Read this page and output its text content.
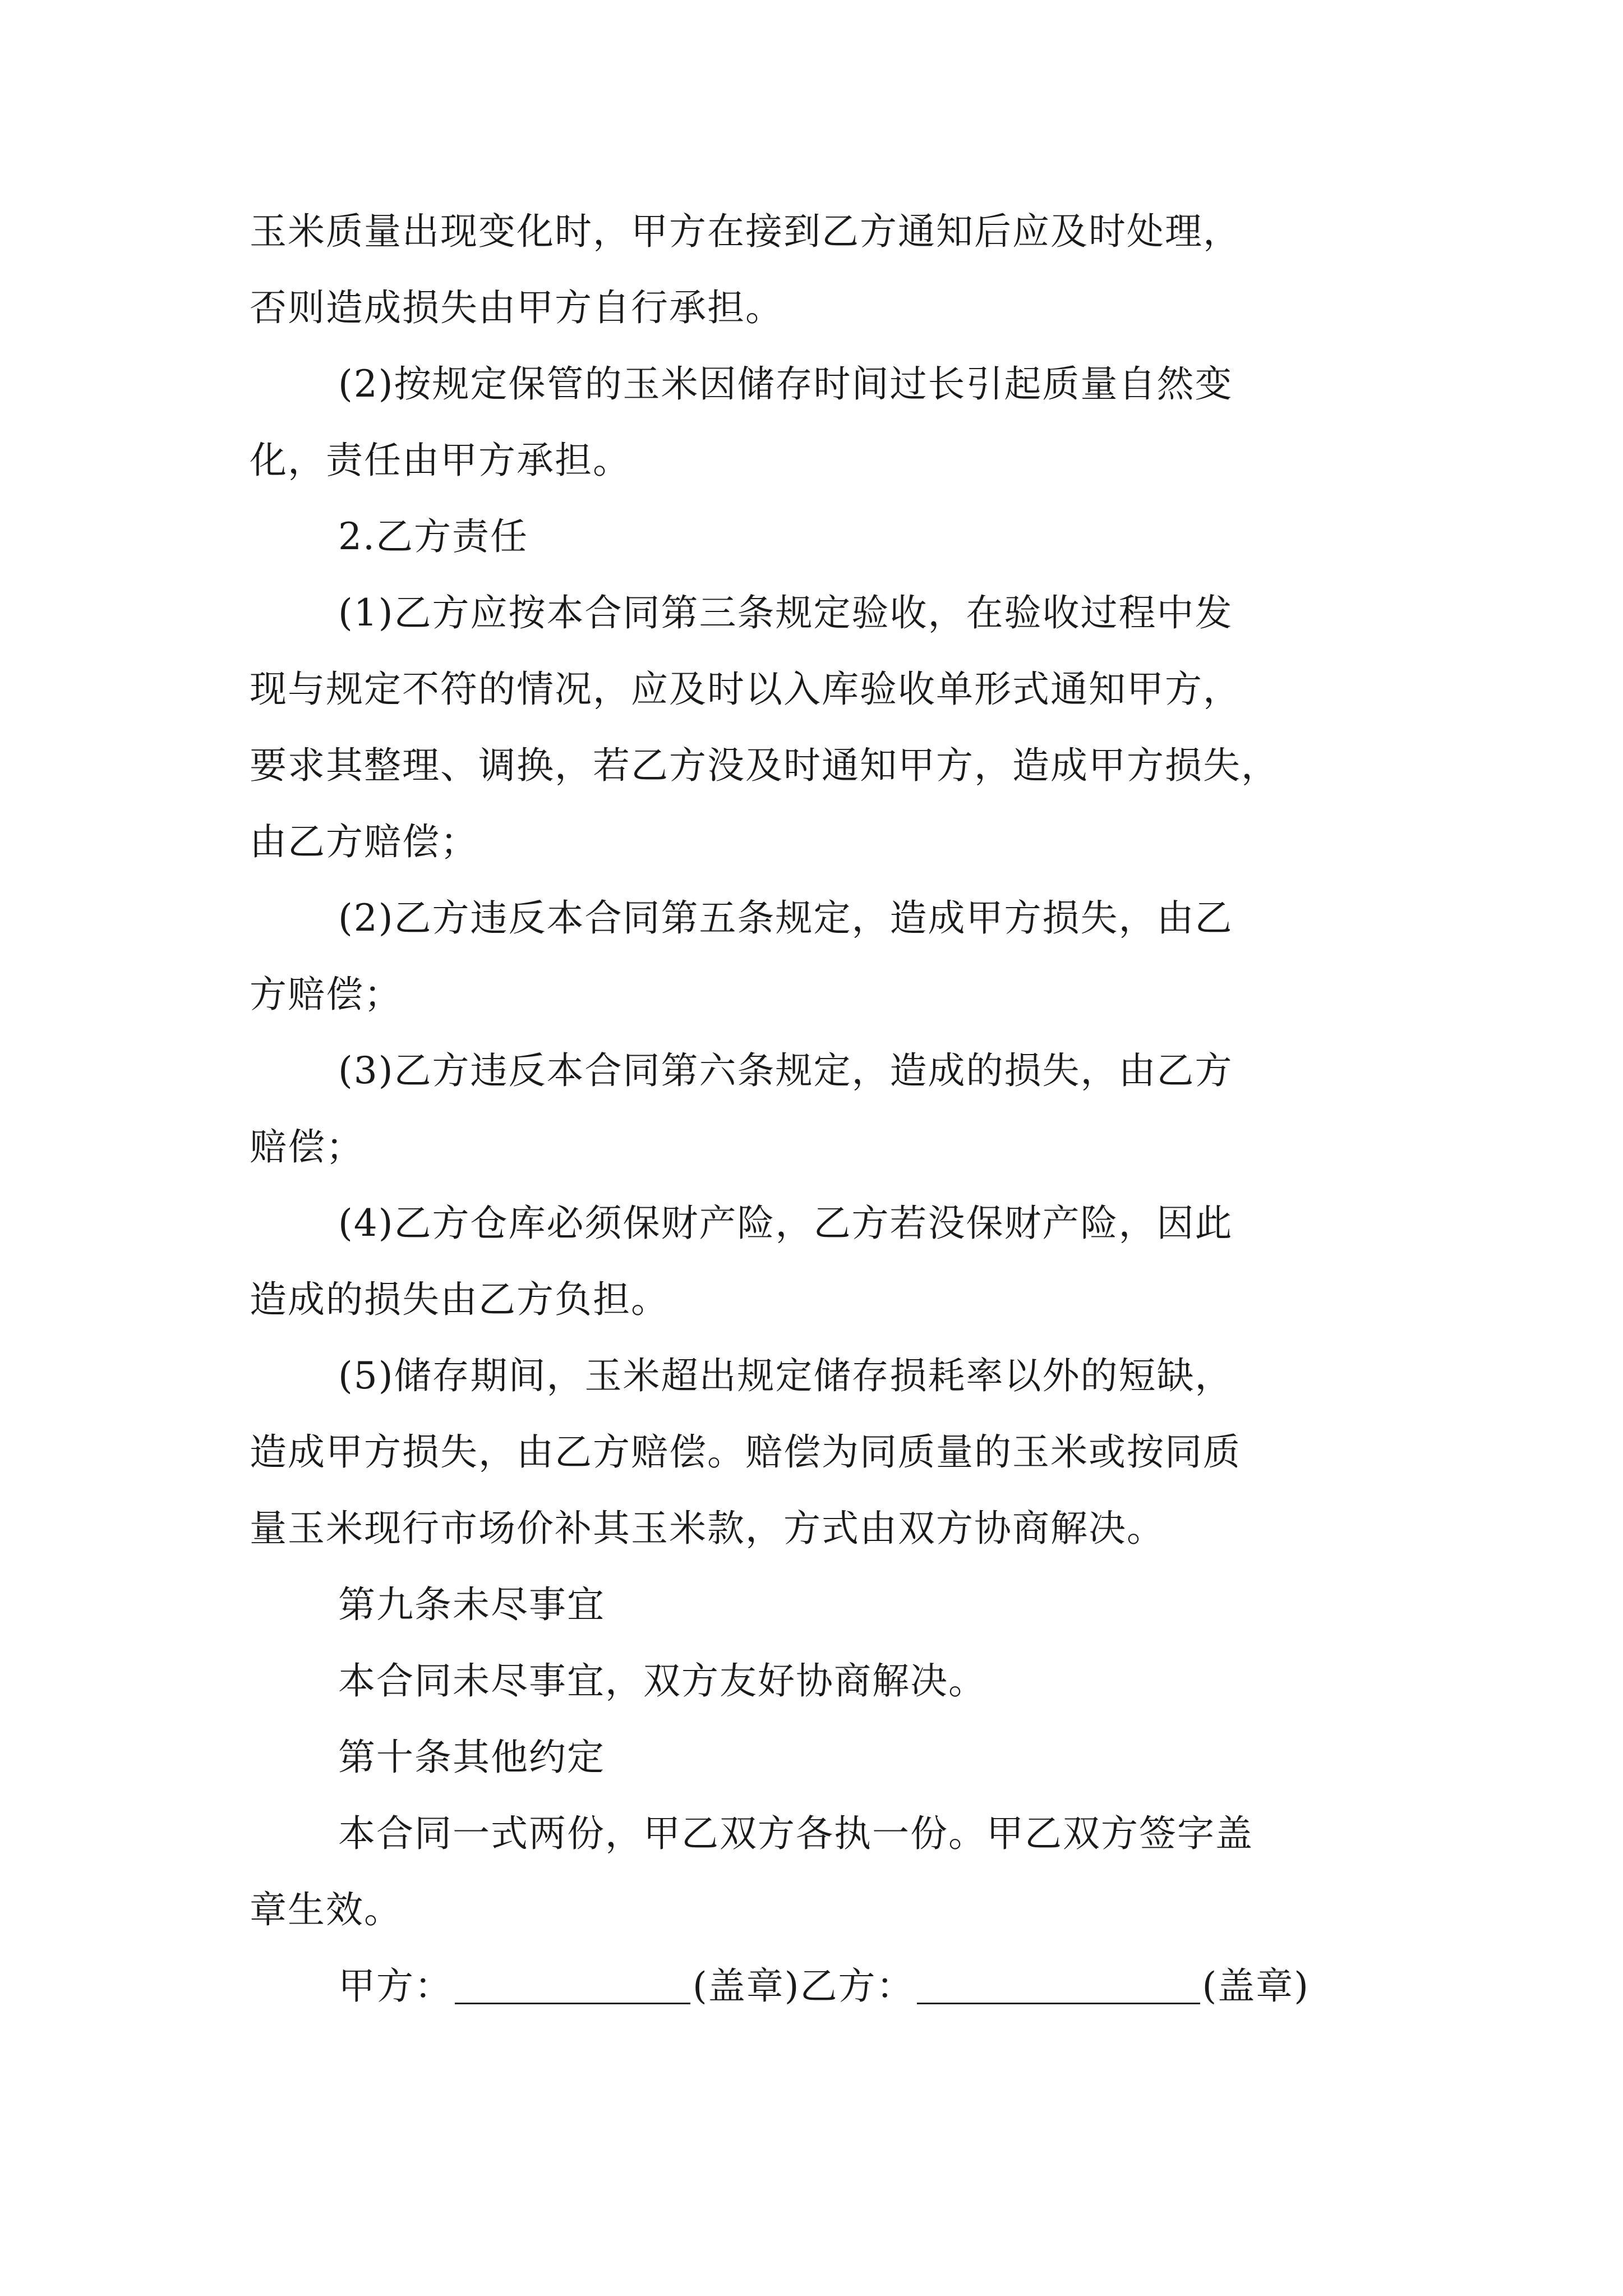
玉米质量出现变化时，甲方在接到乙方通知后应及时处理，
否则造成损失由甲方自行承担。
(2)按规定保管的玉米因储存时间过长引起质量自然变
化，责任由甲方承担。
2.乙方责任
(1)乙方应按本合同第三条规定验收，在验收过程中发
现与规定不符的情况，应及时以入库验收单形式通知甲方，
要求其整理、调换，若乙方没及时通知甲方，造成甲方损失，
由乙方赔偿；
(2)乙方违反本合同第五条规定，造成甲方损失，由乙
方赔偿；
(3)乙方违反本合同第六条规定，造成的损失，由乙方
赔偿；
(4)乙方仓库必须保财产险，乙方若没保财产险，因此
造成的损失由乙方负担。
(5)储存期间，玉米超出规定储存损耗率以外的短缺，
造成甲方损失，由乙方赔偿。赔偿为同质量的玉米或按同质
量玉米现行市场价补其玉米款，方式由双方协商解决。
第九条未尽事宜
本合同未尽事宜，双方友好协商解决。
第十条其他约定
本合同一式两份，甲乙双方各执一份。甲乙双方签字盖
章生效。
甲方：	(盖章) 乙方：	(盖章)
